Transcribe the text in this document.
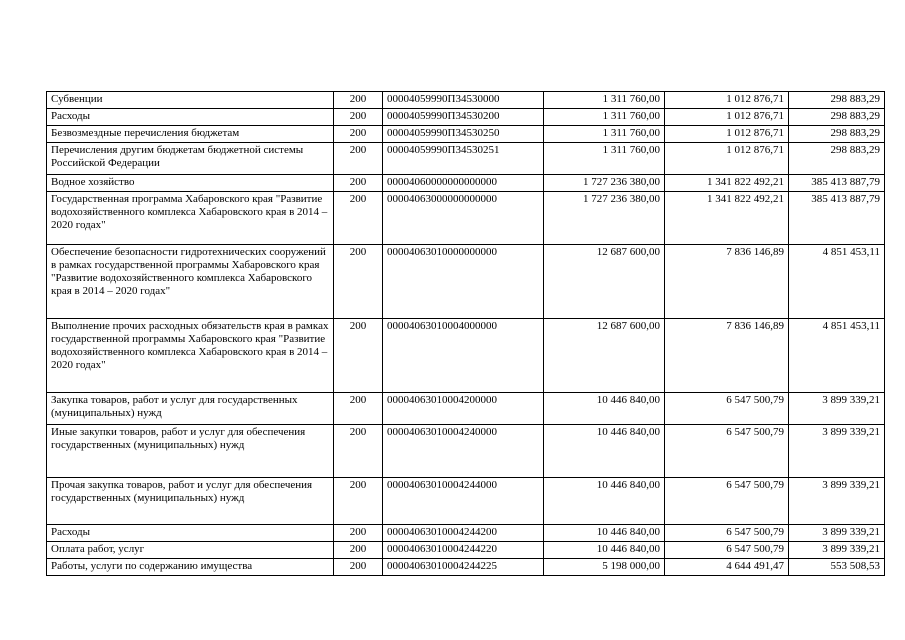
Субвенции	200	00004059990П34530000	1 311 760,00	1 012 876,71	298 883,29
Расходы	200	00004059990П34530200	1 311 760,00	1 012 876,71	298 883,29
Безвозмездные перечисления бюджетам	200	00004059990П34530250	1 311 760,00	1 012 876,71	298 883,29
Перечисления другим бюджетам бюджетной системы Российской Федерации	200	00004059990П34530251	1 311 760,00	1 012 876,71	298 883,29
Водное хозяйство	200	00004060000000000000	1 727 236 380,00	1 341 822 492,21	385 413 887,79
Государственная программа Хабаровского края "Развитие водохозяйственного комплекса Хабаровского края в 2014 – 2020 годах"	200	00004063000000000000	1 727 236 380,00	1 341 822 492,21	385 413 887,79
Обеспечение безопасности гидротехнических сооружений в рамках государственной программы Хабаровского края "Развитие водохозяйственного комплекса Хабаровского края в 2014 – 2020 годах"	200	00004063010000000000	12 687 600,00	7 836 146,89	4 851 453,11
Выполнение прочих расходных обязательств края в рамках государственной программы Хабаровского края "Развитие водохозяйственного комплекса Хабаровского края в 2014 – 2020 годах"	200	00004063010004000000	12 687 600,00	7 836 146,89	4 851 453,11
Закупка товаров, работ и услуг для государственных (муниципальных) нужд	200	00004063010004200000	10 446 840,00	6 547 500,79	3 899 339,21
Иные закупки товаров, работ и услуг для обеспечения государственных (муниципальных) нужд	200	00004063010004240000	10 446 840,00	6 547 500,79	3 899 339,21
Прочая закупка товаров, работ и услуг для обеспечения государственных (муниципальных) нужд	200	00004063010004244000	10 446 840,00	6 547 500,79	3 899 339,21
Расходы	200	00004063010004244200	10 446 840,00	6 547 500,79	3 899 339,21
Оплата работ, услуг	200	00004063010004244220	10 446 840,00	6 547 500,79	3 899 339,21
Работы, услуги по содержанию имущества	200	00004063010004244225	5 198 000,00	4 644 491,47	553 508,53
